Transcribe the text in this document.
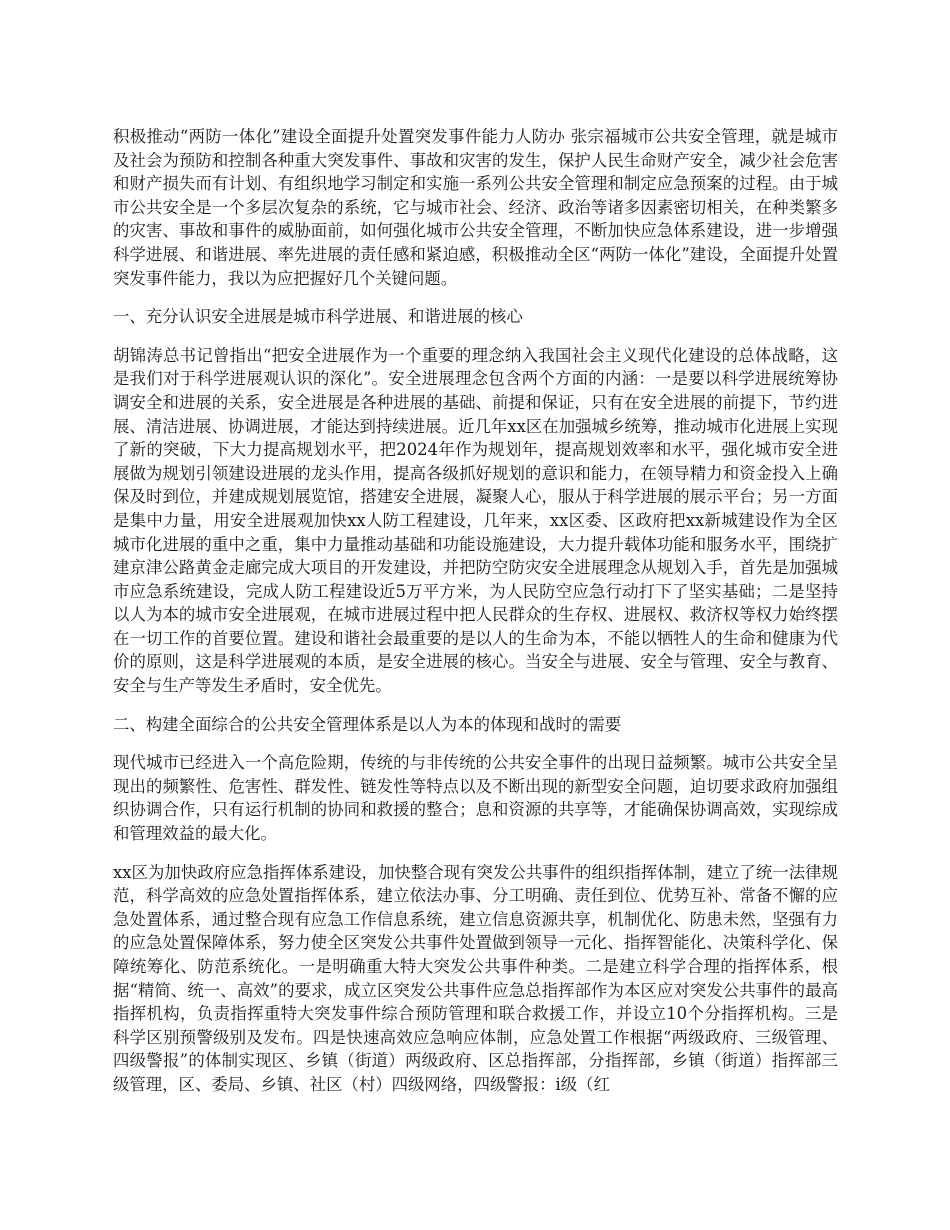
积极推动“两防一体化”建设全面提升处置突发事件能力人防办 张宗福城市公共安全管理，就是城市及社会为预防和控制各种重大突发事件、事故和灾害的发生，保护人民生命财产安全，减少社会危害和财产损失而有计划、有组织地学习制定和实施一系列公共安全管理和制定应急预案的过程。由于城市公共安全是一个多层次复杂的系统，它与城市社会、经济、政治等诸多因素密切相关，在种类繁多的灾害、事故和事件的威胁面前，如何强化城市公共安全管理，不断加快应急体系建设，进一步增强科学进展、和谐进展、率先进展的责任感和紧迫感，积极推动全区“两防一体化”建设，全面提升处置突发事件能力，我以为应把握好几个关键问题。

一、充分认识安全进展是城市科学进展、和谐进展的核心

胡锦涛总书记曾指出“把安全进展作为一个重要的理念纳入我国社会主义现代化建设的总体战略，这是我们对于科学进展观认识的深化”。安全进展理念包含两个方面的内涵：一是要以科学进展统筹协调安全和进展的关系，安全进展是各种进展的基础、前提和保证，只有在安全进展的前提下，节约进展、清洁进展、协调进展，才能达到持续进展。近几年xx区在加强城乡统筹，推动城市化进展上实现了新的突破，下大力提高规划水平，把2024年作为规划年，提高规划效率和水平，强化城市安全进展做为规划引领建设进展的龙头作用，提高各级抓好规划的意识和能力，在领导精力和资金投入上确保及时到位，并建成规划展览馆，搭建安全进展，凝聚人心，服从于科学进展的展示平台；另一方面是集中力量，用安全进展观加快xx人防工程建设，几年来，xx区委、区政府把xx新城建设作为全区城市化进展的重中之重，集中力量推动基础和功能设施建设，大力提升载体功能和服务水平，围绕扩建京津公路黄金走廊完成大项目的开发建设，并把防空防灾安全进展理念从规划入手，首先是加强城市应急系统建设，完成人防工程建设近5万平方米，为人民防空应急行动打下了坚实基础；二是坚持以人为本的城市安全进展观，在城市进展过程中把人民群众的生存权、进展权、救济权等权力始终摆在一切工作的首要位置。建设和谐社会最重要的是以人的生命为本，不能以牺牲人的生命和健康为代价的原则，这是科学进展观的本质，是安全进展的核心。当安全与进展、安全与管理、安全与教育、安全与生产等发生矛盾时，安全优先。

二、构建全面综合的公共安全管理体系是以人为本的体现和战时的需要

现代城市已经进入一个高危险期，传统的与非传统的公共安全事件的出现日益频繁。城市公共安全呈现出的频繁性、危害性、群发性、链发性等特点以及不断出现的新型安全问题，迫切要求政府加强组织协调合作，只有运行机制的协同和救援的整合；息和资源的共享等，才能确保协调高效，实现综成和管理效益的最大化。

xx区为加快政府应急指挥体系建设，加快整合现有突发公共事件的组织指挥体制，建立了统一法律规范，科学高效的应急处置指挥体系，建立依法办事、分工明确、责任到位、优势互补、常备不懈的应急处置体系，通过整合现有应急工作信息系统，建立信息资源共享，机制优化、防患未然，坚强有力的应急处置保障体系，努力使全区突发公共事件处置做到领导一元化、指挥智能化、决策科学化、保障统筹化、防范系统化。一是明确重大特大突发公共事件种类。二是建立科学合理的指挥体系，根据“精简、统一、高效”的要求，成立区突发公共事件应急总指挥部作为本区应对突发公共事件的最高指挥机构，负责指挥重特大突发事件综合预防管理和联合救援工作，并设立10个分指挥机构。三是科学区别预警级别及发布。四是快速高效应急响应体制，应急处置工作根据“两级政府、三级管理、四级警报”的体制实现区、乡镇（街道）两级政府、区总指挥部，分指挥部，乡镇（街道）指挥部三级管理，区、委局、乡镇、社区（村）四级网络，四级警报：ⅰ级（红
